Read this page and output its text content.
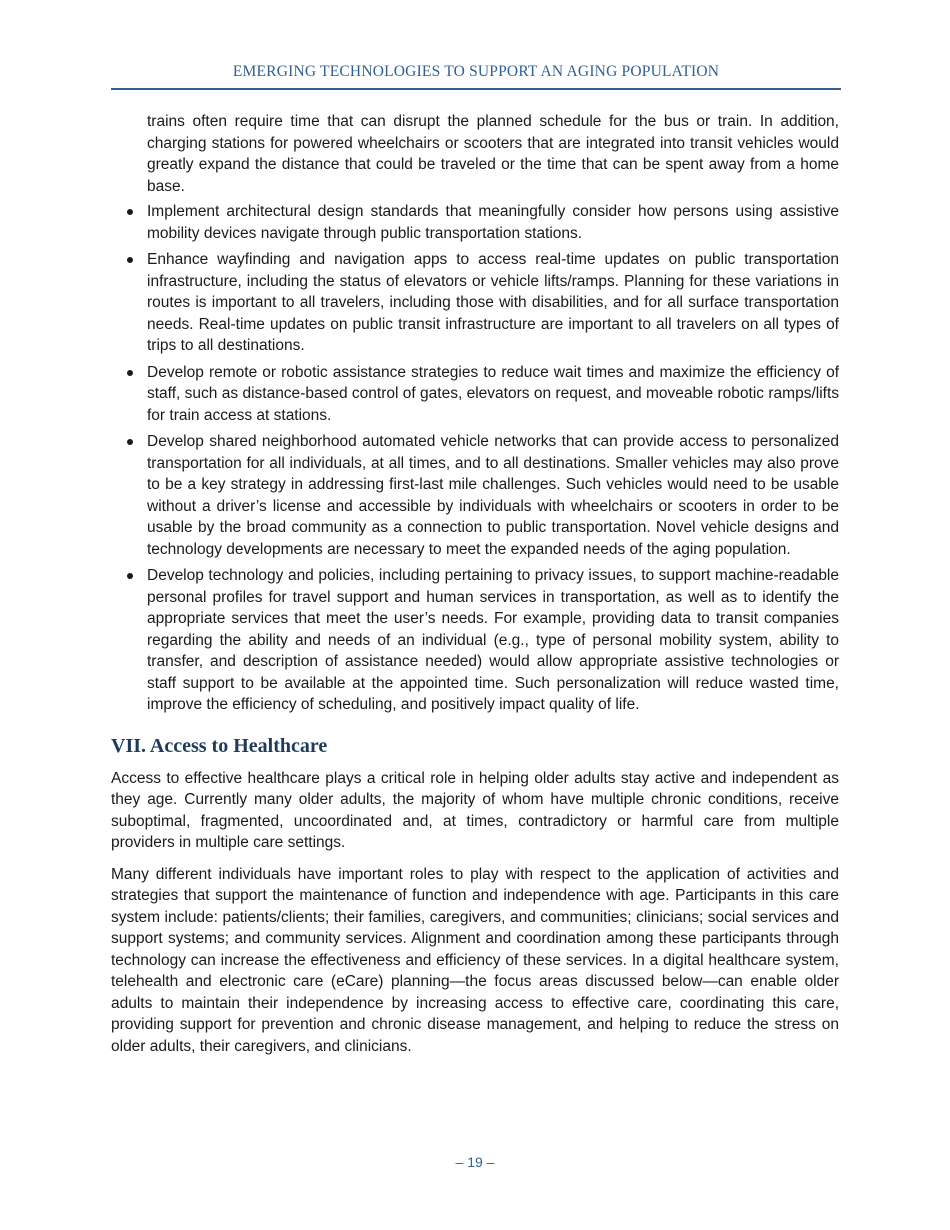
EMERGING TECHNOLOGIES TO SUPPORT AN AGING POPULATION

trains often require time that can disrupt the planned schedule for the bus or train. In addition, charging stations for powered wheelchairs or scooters that are integrated into transit vehicles would greatly expand the distance that could be traveled or the time that can be spent away from a home base.

Implement architectural design standards that meaningfully consider how persons using assistive mobility devices navigate through public transportation stations.
Enhance wayfinding and navigation apps to access real-time updates on public transportation infrastructure, including the status of elevators or vehicle lifts/ramps. Planning for these variations in routes is important to all travelers, including those with disabilities, and for all surface transportation needs. Real-time updates on public transit infrastructure are important to all travelers on all types of trips to all destinations.
Develop remote or robotic assistance strategies to reduce wait times and maximize the efficiency of staff, such as distance-based control of gates, elevators on request, and moveable robotic ramps/lifts for train access at stations.
Develop shared neighborhood automated vehicle networks that can provide access to personalized transportation for all individuals, at all times, and to all destinations. Smaller vehicles may also prove to be a key strategy in addressing first-last mile challenges. Such vehicles would need to be usable without a driver’s license and accessible by individuals with wheelchairs or scooters in order to be usable by the broad community as a connection to public transportation. Novel vehicle designs and technology developments are necessary to meet the expanded needs of the aging population.
Develop technology and policies, including pertaining to privacy issues, to support machine-readable personal profiles for travel support and human services in transportation, as well as to identify the appropriate services that meet the user’s needs. For example, providing data to transit companies regarding the ability and needs of an individual (e.g., type of personal mobility system, ability to transfer, and description of assistance needed) would allow appropriate assistive technologies or staff support to be available at the appointed time. Such personalization will reduce wasted time, improve the efficiency of scheduling, and positively impact quality of life.
VII. Access to Healthcare

Access to effective healthcare plays a critical role in helping older adults stay active and independent as they age. Currently many older adults, the majority of whom have multiple chronic conditions, receive suboptimal, fragmented, uncoordinated and, at times, contradictory or harmful care from multiple providers in multiple care settings.

Many different individuals have important roles to play with respect to the application of activities and strategies that support the maintenance of function and independence with age. Participants in this care system include: patients/clients; their families, caregivers, and communities; clinicians; social services and support systems; and community services. Alignment and coordination among these participants through technology can increase the effectiveness and efficiency of these services. In a digital healthcare system, telehealth and electronic care (eCare) planning—the focus areas discussed below—can enable older adults to maintain their independence by increasing access to effective care, coordinating this care, providing support for prevention and chronic disease management, and helping to reduce the stress on older adults, their caregivers, and clinicians.

– 19 –
